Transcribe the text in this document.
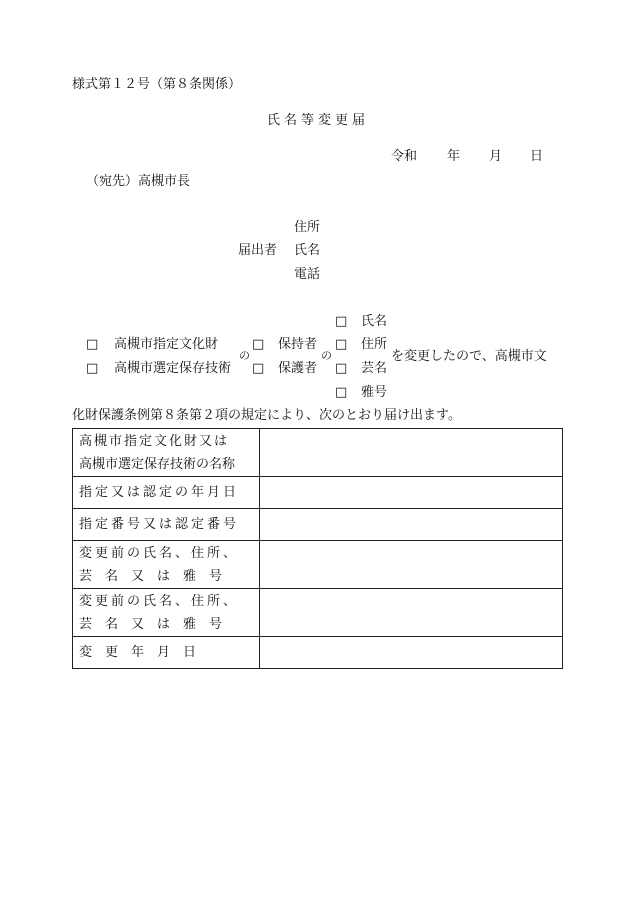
様式第１２号（第８条関係）
氏名等変更届
令和 年 月 日
（宛先）高槻市長
住所
届出者 氏名
電話
□ 高槻市指定文化財
□ 高槻市選定保存技術
の
□ 保持者
□ 保護者
の
□ 氏名
□ 住所
□ 芸名
□ 雅号
を変更したので、高槻市文
化財保護条例第８条第２項の規定により、次のとおり届け出ます。
高槻市指定文化財又は
高槻市選定保存技術の名称	

指定又は認定の年月日	

指定番号又は認定番号	

変更前の氏名、住所、
芸　名　又　は　雅　号	

変更前の氏名、住所、
芸　名　又　は　雅　号	

変　更　年　月　日	
